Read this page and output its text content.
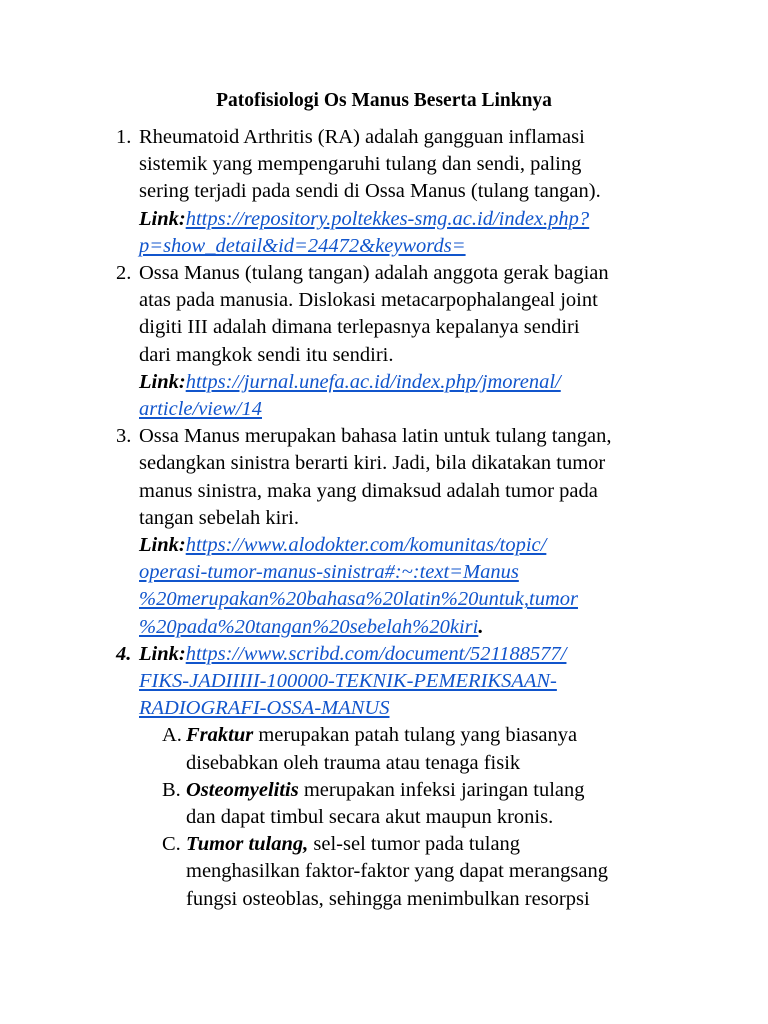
Patofisiologi Os Manus Beserta Linknya
1. Rheumatoid Arthritis (RA) adalah gangguan inflamasi
sistemik yang mempengaruhi tulang dan sendi, paling
sering terjadi pada sendi di Ossa Manus (tulang tangan).
Link:https://repository.poltekkes-smg.ac.id/index.php?
p=show_detail&id=24472&keywords=
2. Ossa Manus (tulang tangan) adalah anggota gerak bagian
atas pada manusia. Dislokasi metacarpophalangeal joint
digiti III adalah dimana terlepasnya kepalanya sendiri
dari mangkok sendi itu sendiri.
Link:https://jurnal.unefa.ac.id/index.php/jmorenal/
article/view/14
3. Ossa Manus merupakan bahasa latin untuk tulang tangan,
sedangkan sinistra berarti kiri. Jadi, bila dikatakan tumor
manus sinistra, maka yang dimaksud adalah tumor pada
tangan sebelah kiri.
Link:https://www.alodokter.com/komunitas/topic/
operasi-tumor-manus-sinistra#:~:text=Manus
%20merupakan%20bahasa%20latin%20untuk,tumor
%20pada%20tangan%20sebelah%20kiri.
4. Link:https://www.scribd.com/document/521188577/
FIKS-JADIIIII-100000-TEKNIK-PEMERIKSAAN-
RADIOGRAFI-OSSA-MANUS
A. Fraktur merupakan patah tulang yang biasanya
disebabkan oleh trauma atau tenaga fisik
B. Osteomyelitis merupakan infeksi jaringan tulang
dan dapat timbul secara akut maupun kronis.
C. Tumor tulang, sel-sel tumor pada tulang
menghasilkan faktor-faktor yang dapat merangsang
fungsi osteoblas, sehingga menimbulkan resorpsi
